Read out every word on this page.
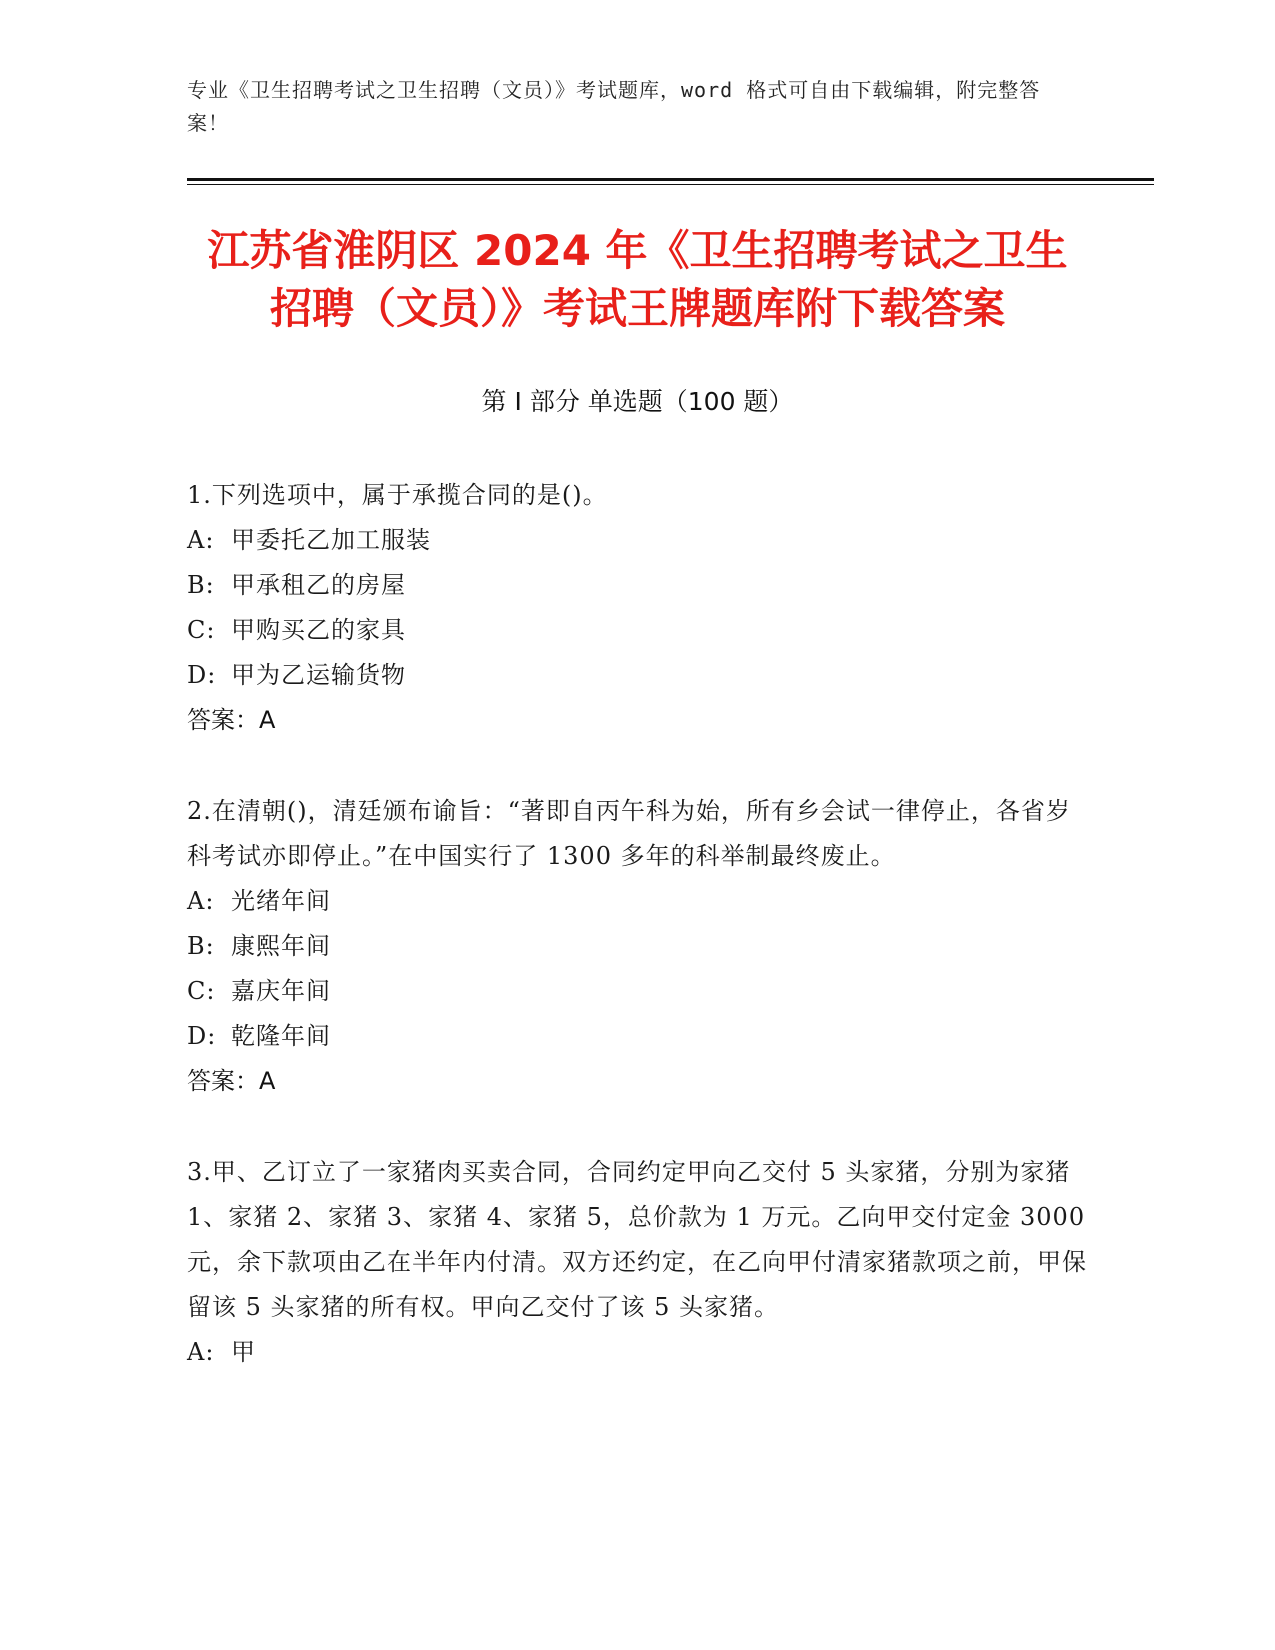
专业《卫生招聘考试之卫生招聘（文员）》考试题库，word 格式可自由下载编辑，附完整答案！
江苏省淮阴区 2024 年《卫生招聘考试之卫生
招聘（文员）》考试王牌题库附下载答案
第 I 部分 单选题（100 题）

1.下列选项中，属于承揽合同的是()。

A: 甲委托乙加工服装

B: 甲承租乙的房屋

C: 甲购买乙的家具

D: 甲为乙运输货物

答案：A

2.在清朝()，清廷颁布谕旨：“著即自丙午科为始，所有乡会试一律停止，各省岁科考试亦即停止。”在中国实行了 1300 多年的科举制最终废止。

A: 光绪年间

B: 康熙年间

C: 嘉庆年间

D: 乾隆年间

答案：A

3.甲、乙订立了一家猪肉买卖合同，合同约定甲向乙交付 5 头家猪，分别为家猪 1、家猪 2、家猪 3、家猪 4、家猪 5，总价款为 1 万元。乙向甲交付定金 3000 元，余下款项由乙在半年内付清。双方还约定，在乙向甲付清家猪款项之前，甲保留该 5 头家猪的所有权。甲向乙交付了该 5 头家猪。

A: 甲
